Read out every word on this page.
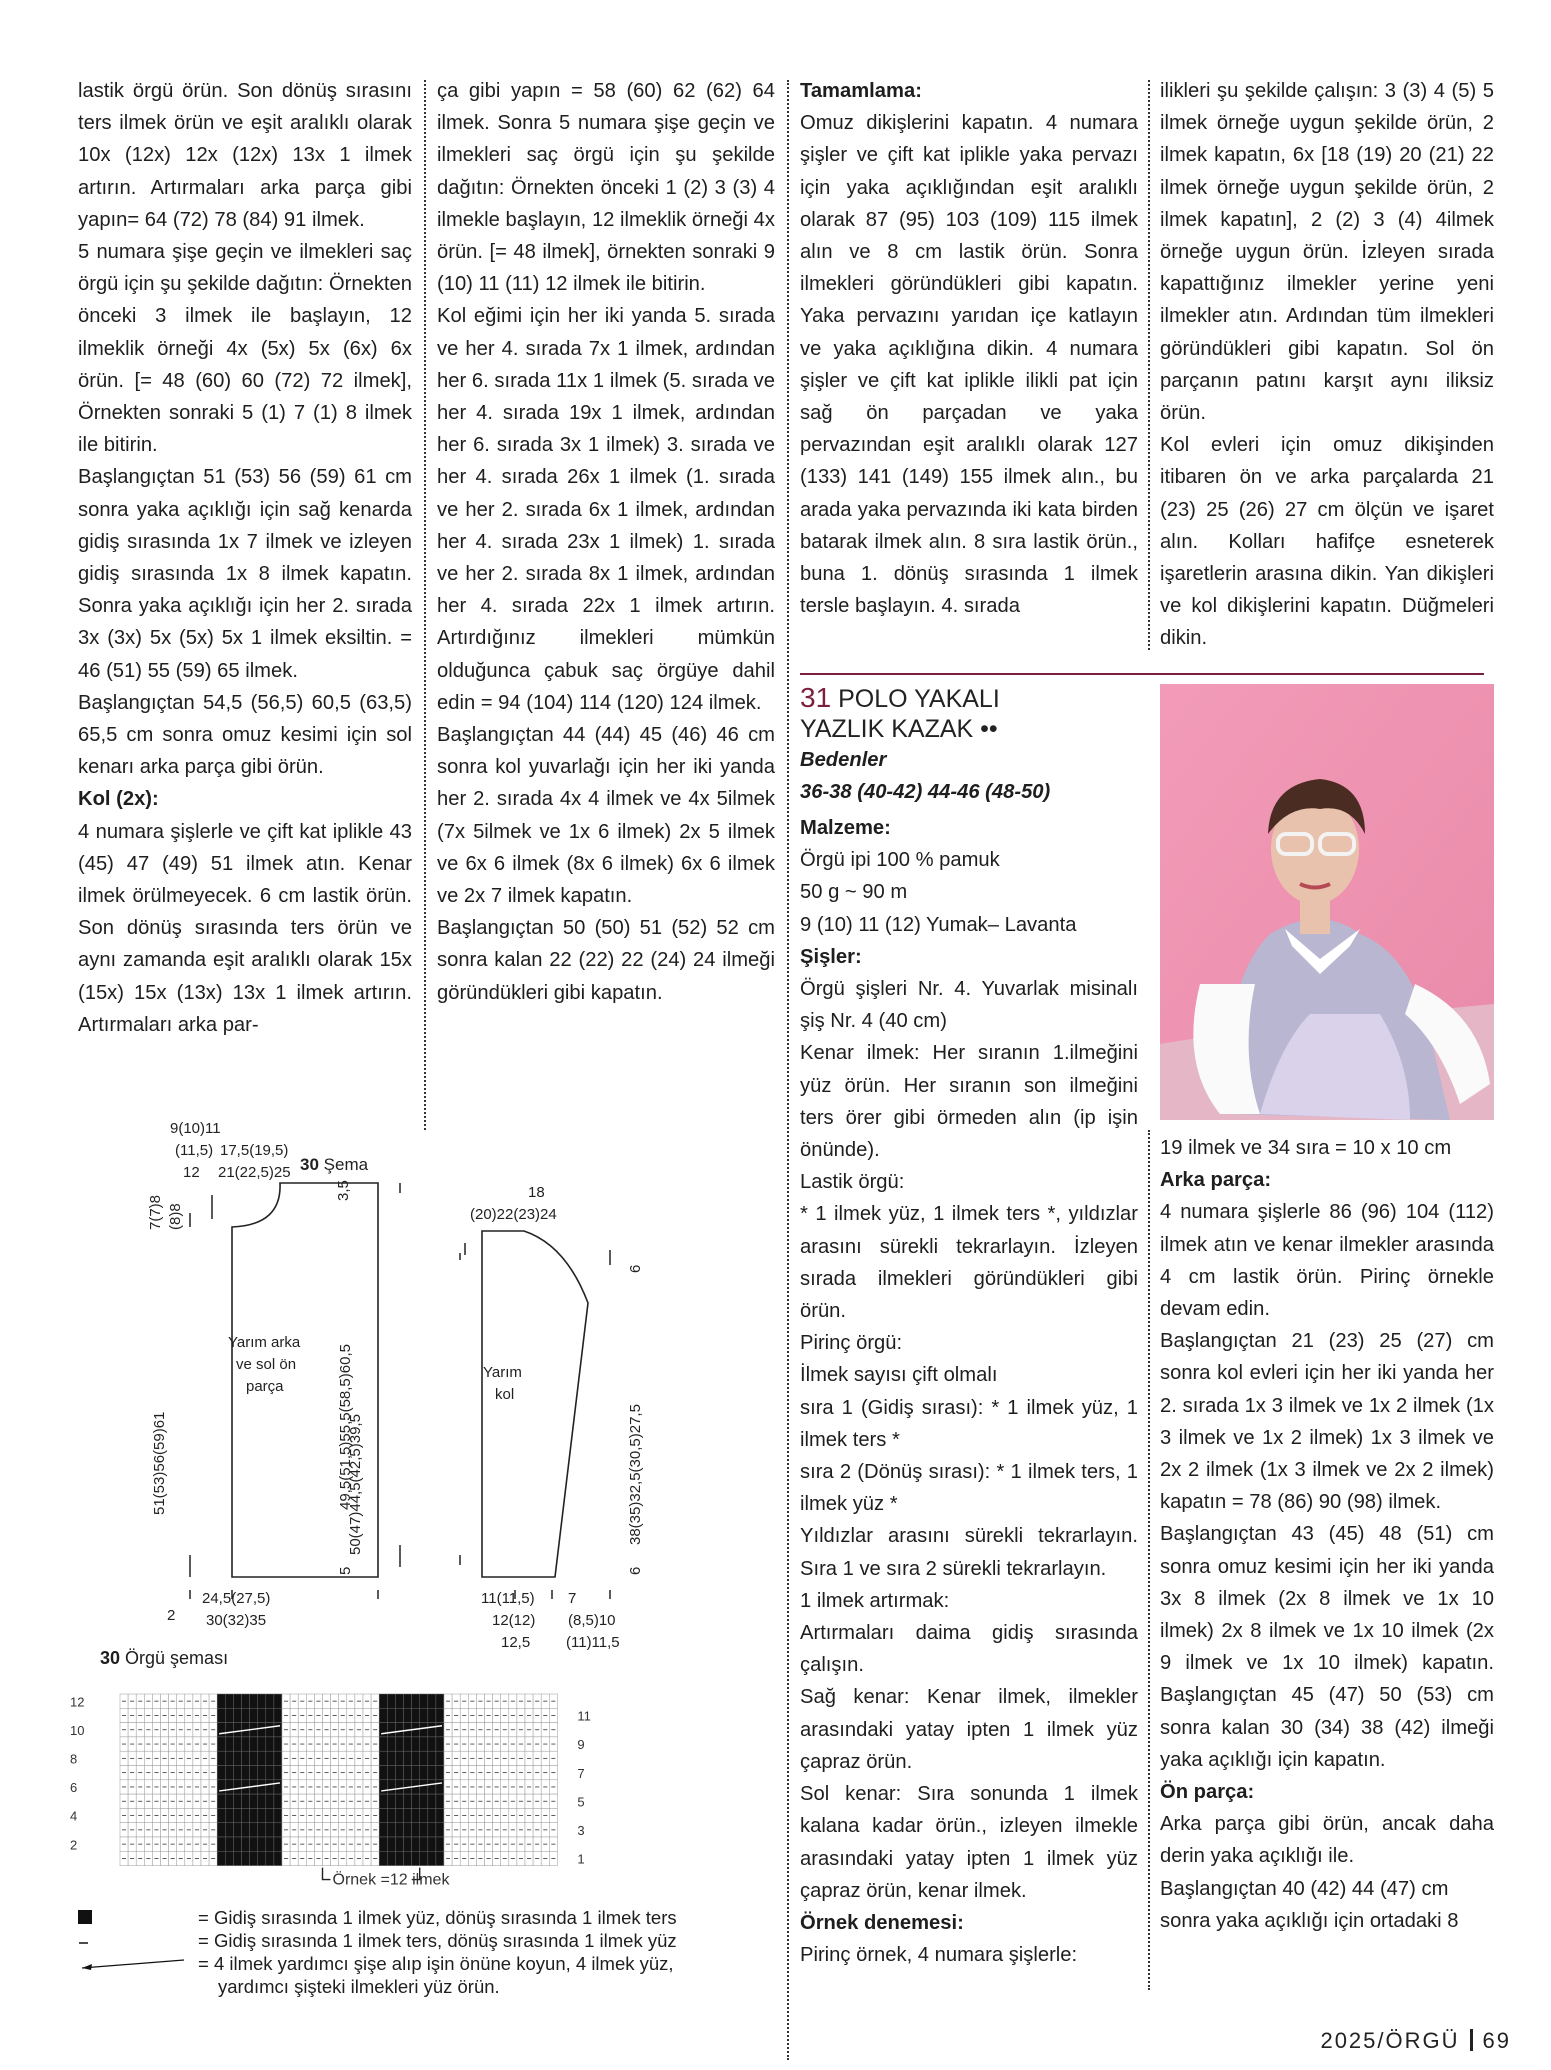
lastik örgü örün. Son dönüş sırasını ters ilmek örün ve eşit aralıklı olarak 10x (12x) 12x (12x) 13x 1 ilmek artırın. Artırmaları arka parça gibi yapın= 64 (72) 78 (84) 91 ilmek.

5 numara şişe geçin ve ilmekleri saç örgü için şu şekilde dağıtın: Örnekten önceki 3 ilmek ile başlayın, 12 ilmeklik örneği 4x (5x) 5x (6x) 6x örün. [= 48 (60) 60 (72) 72 ilmek], Örnekten sonraki 5 (1) 7 (1) 8 ilmek ile bitirin.

Başlangıçtan 51 (53) 56 (59) 61 cm sonra yaka açıklığı için sağ kenarda gidiş sırasında 1x 7 ilmek ve izleyen gidiş sırasında 1x 8 ilmek kapatın. Sonra yaka açıklığı için her 2. sırada 3x (3x) 5x (5x) 5x 1 ilmek eksiltin. = 46 (51) 55 (59) 65 ilmek.

Başlangıçtan 54,5 (56,5) 60,5 (63,5) 65,5 cm sonra omuz kesimi için sol kenarı arka parça gibi örün.

Kol (2x):

4 numara şişlerle ve çift kat iplikle 43 (45) 47 (49) 51 ilmek atın. Kenar ilmek örülmeyecek. 6 cm lastik örün. Son dönüş sırasında ters örün ve aynı zamanda eşit aralıklı olarak 15x (15x) 15x (13x) 13x 1 ilmek artırın. Artırmaları arka par-

ça gibi yapın = 58 (60) 62 (62) 64 ilmek. Sonra 5 numara şişe geçin ve ilmekleri saç örgü için şu şekilde dağıtın: Örnekten önceki 1 (2) 3 (3) 4 ilmekle başlayın, 12 ilmeklik örneği 4x örün. [= 48 ilmek], örnekten sonraki 9 (10) 11 (11) 12 ilmek ile bitirin.

Kol eğimi için her iki yanda 5. sırada ve her 4. sırada 7x 1 ilmek, ardından her 6. sırada 11x 1 ilmek (5. sırada ve her 4. sırada 19x 1 ilmek, ardından her 6. sırada 3x 1 ilmek) 3. sırada ve her 4. sırada 26x 1 ilmek (1. sırada ve her 2. sırada 6x 1 ilmek, ardından her 4. sırada 23x 1 ilmek) 1. sırada ve her 2. sırada 8x 1 ilmek, ardından her 4. sırada 22x 1 ilmek artırın. Artırdığınız ilmekleri mümkün olduğunca çabuk saç örgüye dahil edin = 94 (104) 114 (120) 124 ilmek.

Başlangıçtan 44 (44) 45 (46) 46 cm sonra kol yuvarlağı için her iki yanda her 2. sırada 4x 4 ilmek ve 4x 5ilmek (7x 5ilmek ve 1x 6 ilmek) 2x 5 ilmek ve 6x 6 ilmek (8x 6 ilmek) 6x 6 ilmek ve 2x 7 ilmek kapatın.

Başlangıçtan 50 (50) 51 (52) 52 cm sonra kalan 22 (22) 22 (24) 24 ilmeği göründükleri gibi kapatın.

Tamamlama:

Omuz dikişlerini kapatın. 4 numara şişler ve çift kat iplikle yaka pervazı için yaka açıklığından eşit aralıklı olarak 87 (95) 103 (109) 115 ilmek alın ve 8 cm lastik örün. Sonra ilmekleri göründükleri gibi kapatın. Yaka pervazını yarıdan içe katlayın ve yaka açıklığına dikin. 4 numara şişler ve çift kat iplikle ilikli pat için sağ ön parçadan ve yaka pervazından eşit aralıklı olarak 127 (133) 141 (149) 155 ilmek alın., bu arada yaka pervazında iki kata birden batarak ilmek alın. 8 sıra lastik örün., buna 1. dönüş sırasında 1 ilmek tersle başlayın. 4. sırada

ilikleri şu şekilde çalışın: 3 (3) 4 (5) 5 ilmek örneğe uygun şekilde örün, 2 ilmek kapatın, 6x [18 (19) 20 (21) 22 ilmek örneğe uygun şekilde örün, 2 ilmek kapatın], 2 (2) 3 (4) 4ilmek örneğe uygun örün. İzleyen sırada kapattığınız ilmekler yerine yeni ilmekler atın. Ardından tüm ilmekleri göründükleri gibi kapatın. Sol ön parçanın patını karşıt aynı iliksiz örün.

Kol evleri için omuz dikişinden itibaren ön ve arka parçalarda 21 (23) 25 (26) 27 cm ölçün ve işaret alın. Kolları hafifçe esneterek işaretlerin arasına dikin. Yan dikişleri ve kol dikişlerini kapatın. Düğmeleri dikin.

31 POLO YAKALI

YAZLIK KAZAK ••

Bedenler

36-38 (40-42) 44-46 (48-50)

Malzeme:

Örgü ipi 100 % pamuk

50 g ~ 90 m

9 (10) 11 (12) Yumak– Lavanta

Şişler:

Örgü şişleri Nr. 4. Yuvarlak misinalı şiş Nr. 4 (40 cm)

Kenar ilmek: Her sıranın 1.ilmeğini yüz örün. Her sıranın son ilmeğini ters örer gibi örmeden alın (ip işin önünde).

Lastik örgü:

* 1 ilmek yüz, 1 ilmek ters *, yıldızlar arasını sürekli tekrarlayın. İzleyen sırada ilmekleri göründükleri gibi örün.

Pirinç örgü:

İlmek sayısı çift olmalı

sıra 1 (Gidiş sırası): * 1 ilmek yüz, 1 ilmek ters *

sıra 2 (Dönüş sırası): * 1 ilmek ters, 1 ilmek yüz *

Yıldızlar arasını sürekli tekrarlayın. Sıra 1 ve sıra 2 sürekli tekrarlayın.

1 ilmek artırmak:

Artırmaları daima gidiş sırasında çalışın.

Sağ kenar: Kenar ilmek, ilmekler arasındaki yatay ipten 1 ilmek yüz çapraz örün.

Sol kenar: Sıra sonunda 1 ilmek kalana kadar örün., izleyen ilmekle arasındaki yatay ipten 1 ilmek yüz çapraz örün, kenar ilmek.

Örnek denemesi:

Pirinç örnek, 4 numara şişlerle:

19 ilmek ve 34 sıra = 10 x 10 cm

Arka parça:

4 numara şişlerle 86 (96) 104 (112) ilmek atın ve kenar ilmekler arasında 4 cm lastik örün. Pirinç örnekle devam edin.

Başlangıçtan 21 (23) 25 (27) cm sonra kol evleri için her iki yanda her 2. sırada 1x 3 ilmek ve 1x 2 ilmek (1x 3 ilmek ve 1x 2 ilmek) 1x 3 ilmek ve 2x 2 ilmek (1x 3 ilmek ve 2x 2 ilmek) kapatın = 78 (86) 90 (98) ilmek.

Başlangıçtan 43 (45) 48 (51) cm sonra omuz kesimi için her iki yanda 3x 8 ilmek (2x 8 ilmek ve 1x 10 ilmek) 2x 8 ilmek ve 1x 10 ilmek (2x 9 ilmek ve 1x 10 ilmek) kapatın. Başlangıçtan 45 (47) 50 (53) cm sonra kalan 30 (34) 38 (42) ilmeği yaka açıklığı için kapatın.

Ön parça:

Arka parça gibi örün, ancak daha derin yaka açıklığı ile.

Başlangıçtan 40 (42) 44 (47) cm sonra yaka açıklığı için ortadaki 8

30 Şema
9(10)11
(11,5) 17,5(19,5)
12 21(22,5)25
7(7)8 (8)8
51(53)56(59)61
Yarım arka ve sol ön parça
24,5(27,5)
30(32)35
2
3,5
49,5(51,5)55,5(58,5)60,5
5
18
(20)22(23)24
50(47)44,5(42,5)39,5
6
38(35)32,5(30,5)27,5
6
Yarım kol
11(11,5)
12(12)
12,5
7
(8,5)10
(11)11,5
30 Örgü şeması
12
10
8
6
4
2
11
9
7
5
3
1
Örnek =12 ilmek
= Gidiş sırasında 1 ilmek yüz, dönüş sırasında 1 ilmek ters
= Gidiş sırasında 1 ilmek ters, dönüş sırasında 1 ilmek yüz
= 4 ilmek yardımcı şişe alıp işin önüne koyun, 4 ilmek yüz,
yardımcı şişteki ilmekleri yüz örün.
2025/ÖRGÜ 69
